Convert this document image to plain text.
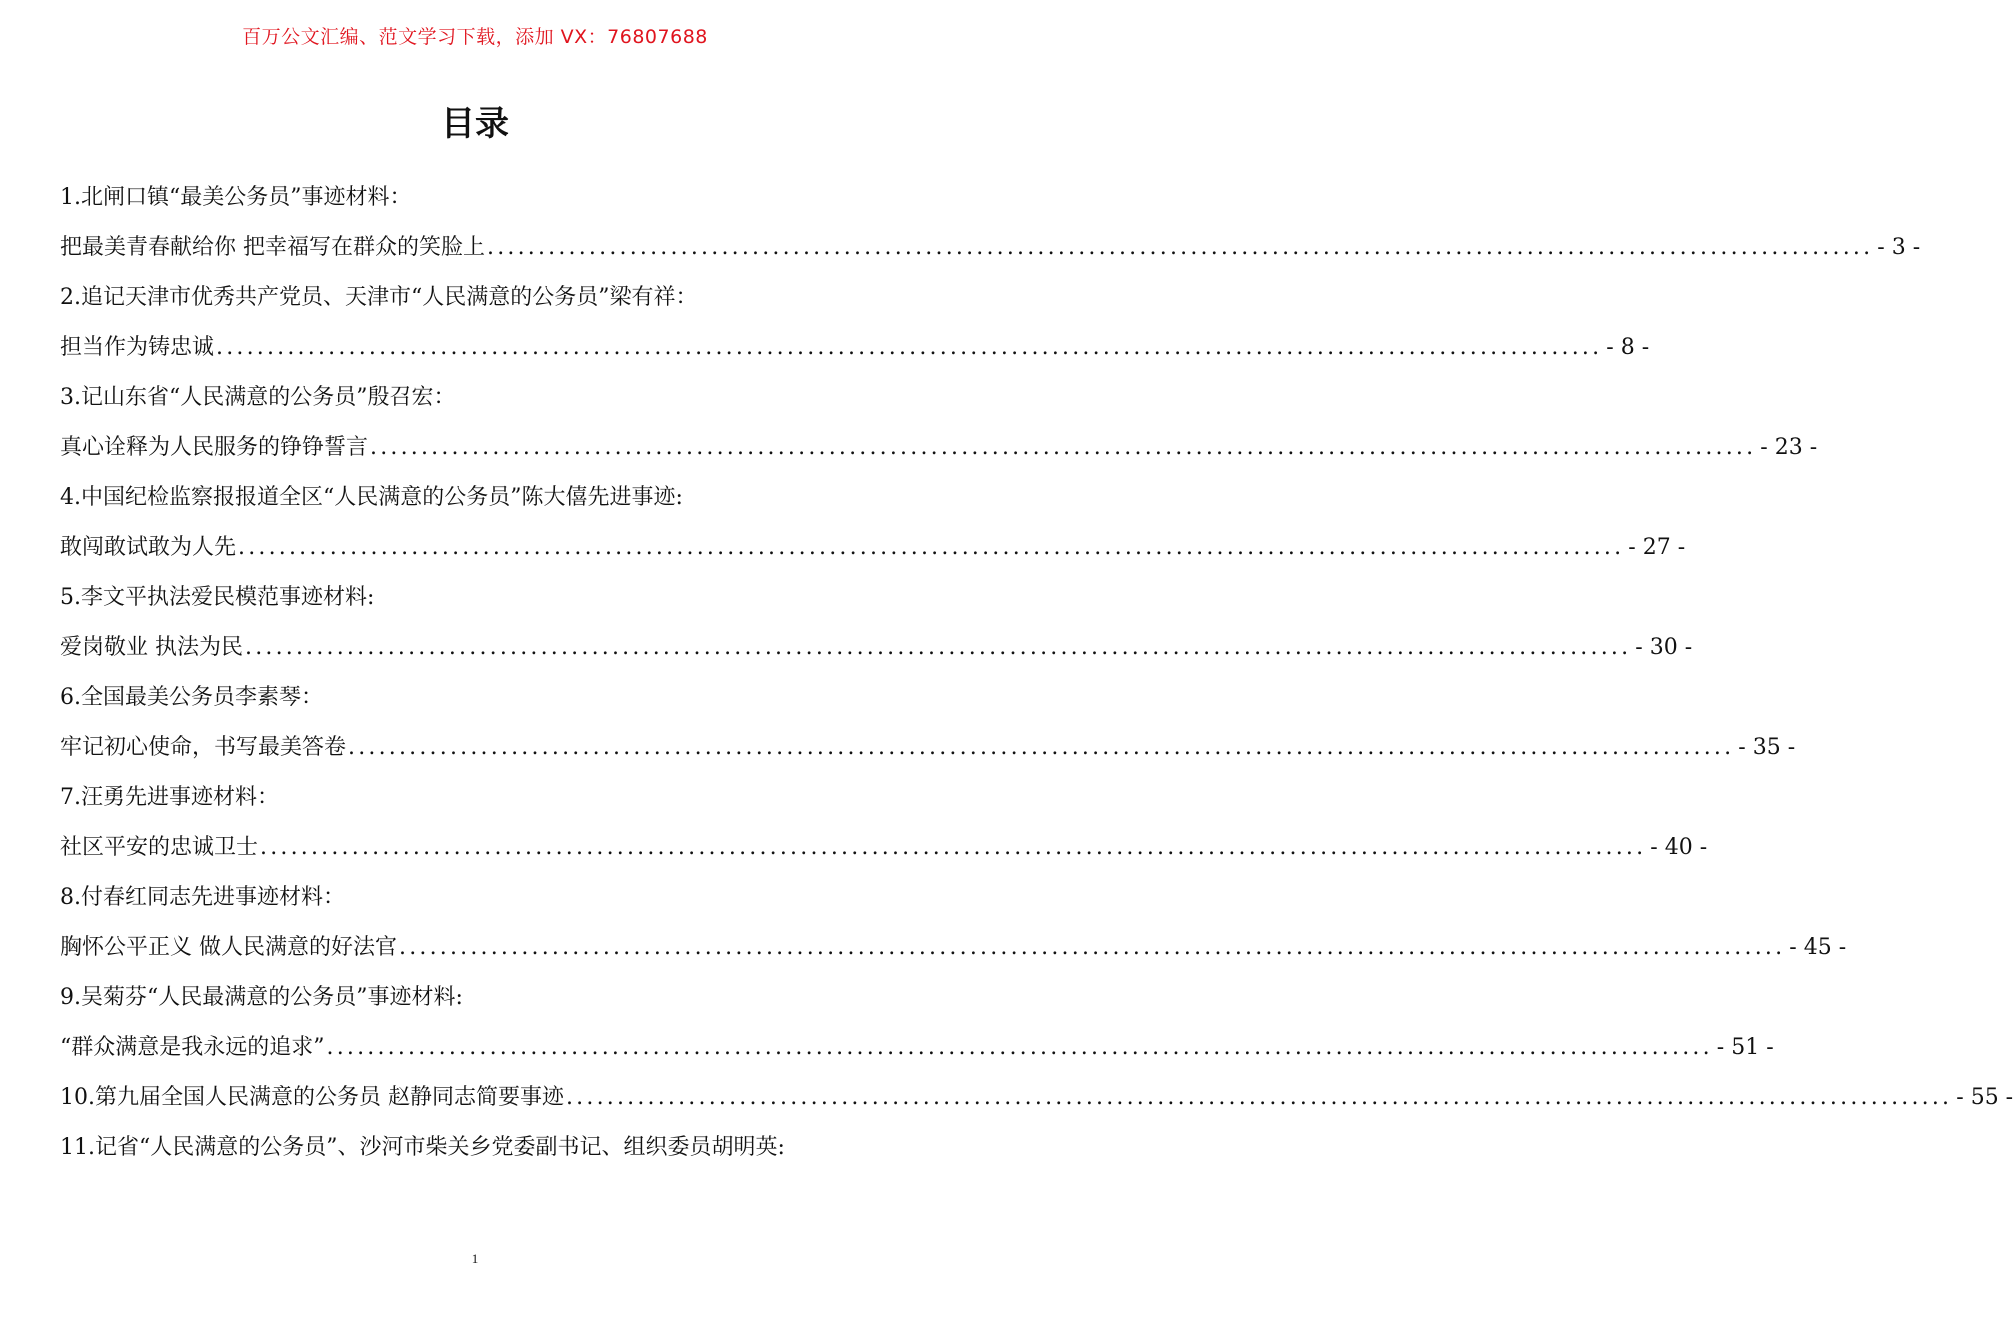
百万公文汇编、范文学习下载，添加 VX：76807688
目录
1.北闸口镇“最美公务员”事迹材料：
把最美青春献给你 把幸福写在群众的笑脸上 ........................................................................................................................................ - 3 -
2.追记天津市优秀共产党员、天津市“人民满意的公务员”梁有祥：
担当作为铸忠诚 ........................................................................................................................................ - 8 -
3.记山东省“人民满意的公务员”殷召宏：
真心诠释为人民服务的铮铮誓言 ........................................................................................................................................ - 23 -
4.中国纪检监察报报道全区“人民满意的公务员”陈大僖先进事迹:
敢闯敢试敢为人先 ........................................................................................................................................ - 27 -
5.李文平执法爱民模范事迹材料:
爱岗敬业 执法为民 ........................................................................................................................................ - 30 -
6.全国最美公务员李素琴：
牢记初心使命，书写最美答卷 ........................................................................................................................................ - 35 -
7.汪勇先进事迹材料：
社区平安的忠诚卫士 ........................................................................................................................................ - 40 -
8.付春红同志先进事迹材料：
胸怀公平正义 做人民满意的好法官 ........................................................................................................................................ - 45 -
9.吴菊芬“人民最满意的公务员”事迹材料:
“群众满意是我永远的追求” ........................................................................................................................................ - 51 -
10.第九届全国人民满意的公务员 赵静同志简要事迹 ........................................................................................................................................ - 55 -
11.记省“人民满意的公务员”、沙河市柴关乡党委副书记、组织委员胡明英:
1
